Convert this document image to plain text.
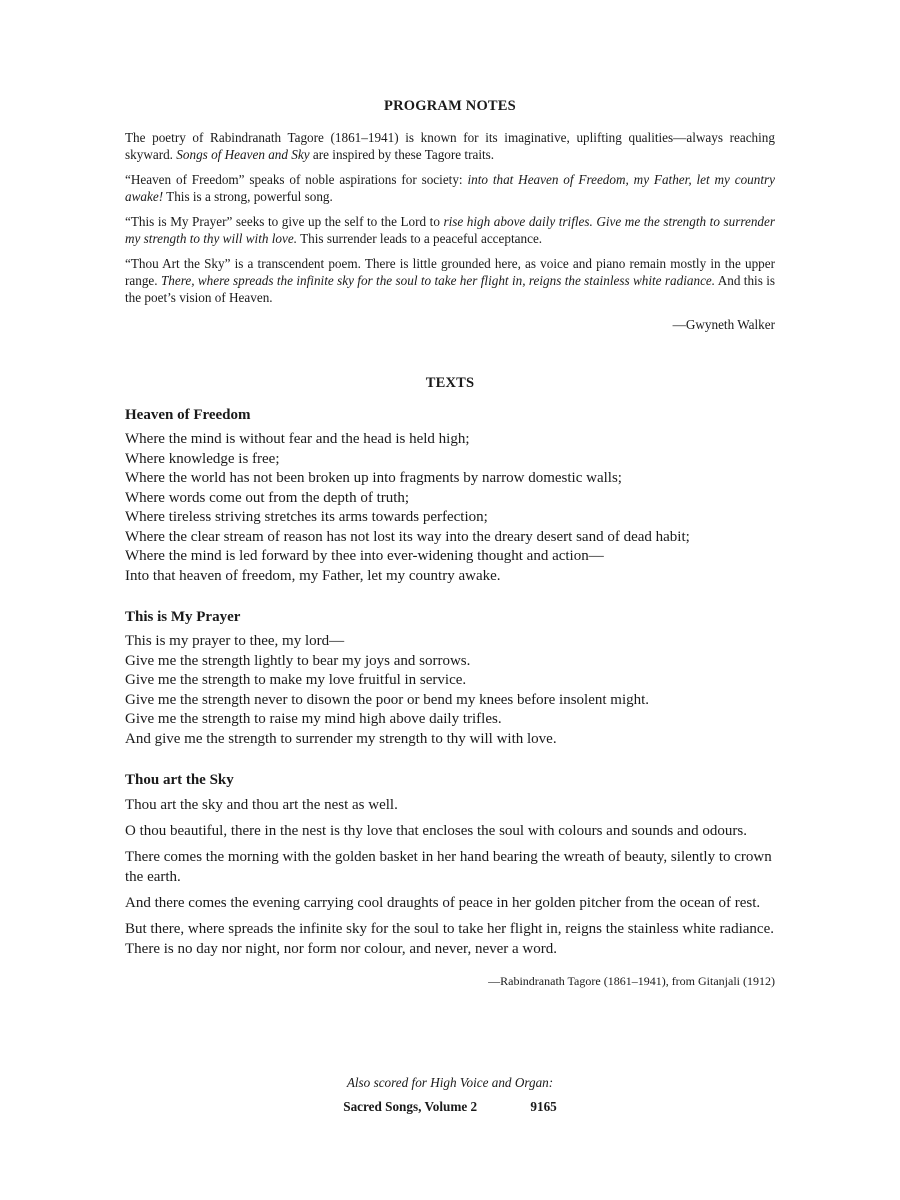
PROGRAM NOTES

The poetry of Rabindranath Tagore (1861–1941) is known for its imaginative, uplifting qualities—always reaching skyward. Songs of Heaven and Sky are inspired by these Tagore traits.

“Heaven of Freedom” speaks of noble aspirations for society: into that Heaven of Freedom, my Father, let my country awake! This is a strong, powerful song.

“This is My Prayer” seeks to give up the self to the Lord to rise high above daily trifles. Give me the strength to surrender my strength to thy will with love. This surrender leads to a peaceful acceptance.

“Thou Art the Sky” is a transcendent poem. There is little grounded here, as voice and piano remain mostly in the upper range. There, where spreads the infinite sky for the soul to take her flight in, reigns the stainless white radiance. And this is the poet’s vision of Heaven.

—Gwyneth Walker
TEXTS
Heaven of Freedom
Where the mind is without fear and the head is held high;
Where knowledge is free;
Where the world has not been broken up into fragments by narrow domestic walls;
Where words come out from the depth of truth;
Where tireless striving stretches its arms towards perfection;
Where the clear stream of reason has not lost its way into the dreary desert sand of dead habit;
Where the mind is led forward by thee into ever-widening thought and action—
Into that heaven of freedom, my Father, let my country awake.
This is My Prayer
This is my prayer to thee, my lord—
Give me the strength lightly to bear my joys and sorrows.
Give me the strength to make my love fruitful in service.
Give me the strength never to disown the poor or bend my knees before insolent might.
Give me the strength to raise my mind high above daily trifles.
And give me the strength to surrender my strength to thy will with love.
Thou art the Sky

Thou art the sky and thou art the nest as well.

O thou beautiful, there in the nest is thy love that encloses the soul with colours and sounds and odours.

There comes the morning with the golden basket in her hand bearing the wreath of beauty, silently to crown the earth.

And there comes the evening carrying cool draughts of peace in her golden pitcher from the ocean of rest.

But there, where spreads the infinite sky for the soul to take her flight in, reigns the stainless white radiance. There is no day nor night, nor form nor colour, and never, never a word.

—Rabindranath Tagore (1861–1941), from Gitanjali (1912)
Also scored for High Voice and Organ:
Sacred Songs, Volume 2	9165
